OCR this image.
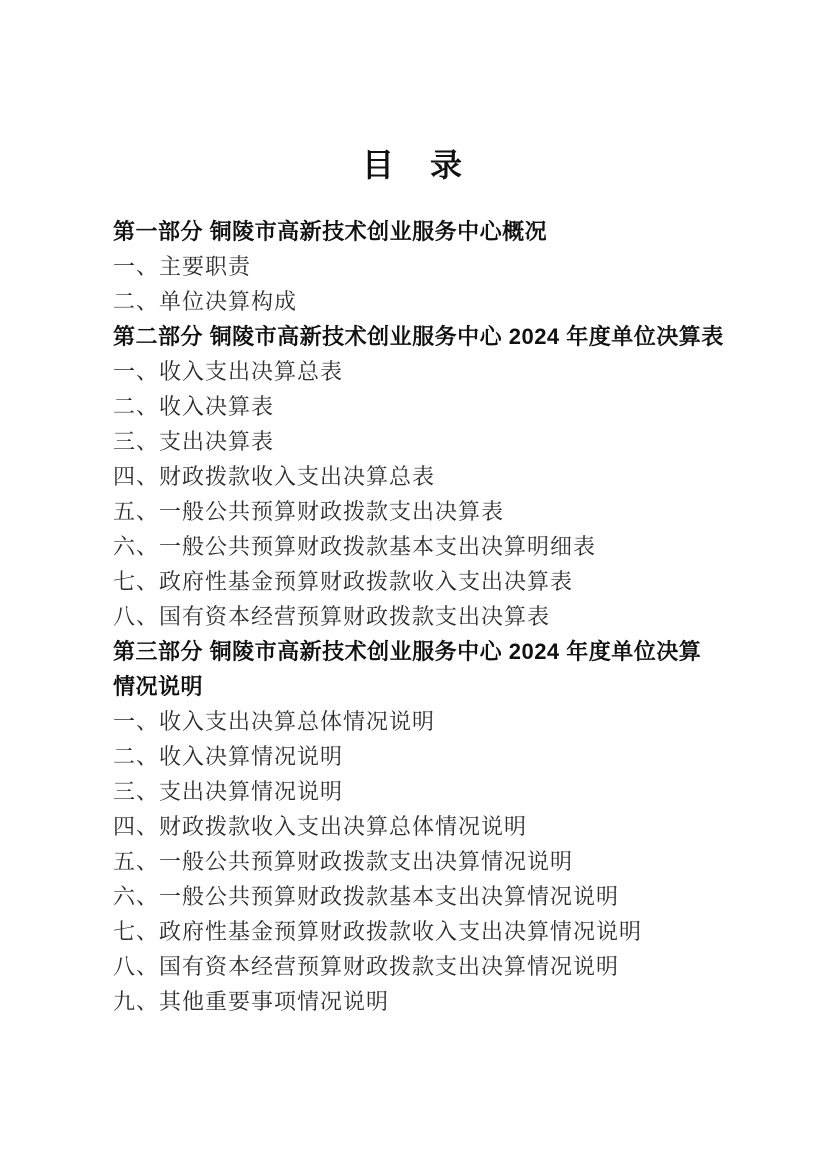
目　录
第一部分 铜陵市高新技术创业服务中心概况
一、主要职责
二、单位决算构成
第二部分 铜陵市高新技术创业服务中心 2024 年度单位决算表
一、收入支出决算总表
二、收入决算表
三、支出决算表
四、财政拨款收入支出决算总表
五、一般公共预算财政拨款支出决算表
六、一般公共预算财政拨款基本支出决算明细表
七、政府性基金预算财政拨款收入支出决算表
八、国有资本经营预算财政拨款支出决算表
第三部分 铜陵市高新技术创业服务中心 2024 年度单位决算情况说明
一、收入支出决算总体情况说明
二、收入决算情况说明
三、支出决算情况说明
四、财政拨款收入支出决算总体情况说明
五、一般公共预算财政拨款支出决算情况说明
六、一般公共预算财政拨款基本支出决算情况说明
七、政府性基金预算财政拨款收入支出决算情况说明
八、国有资本经营预算财政拨款支出决算情况说明
九、其他重要事项情况说明
